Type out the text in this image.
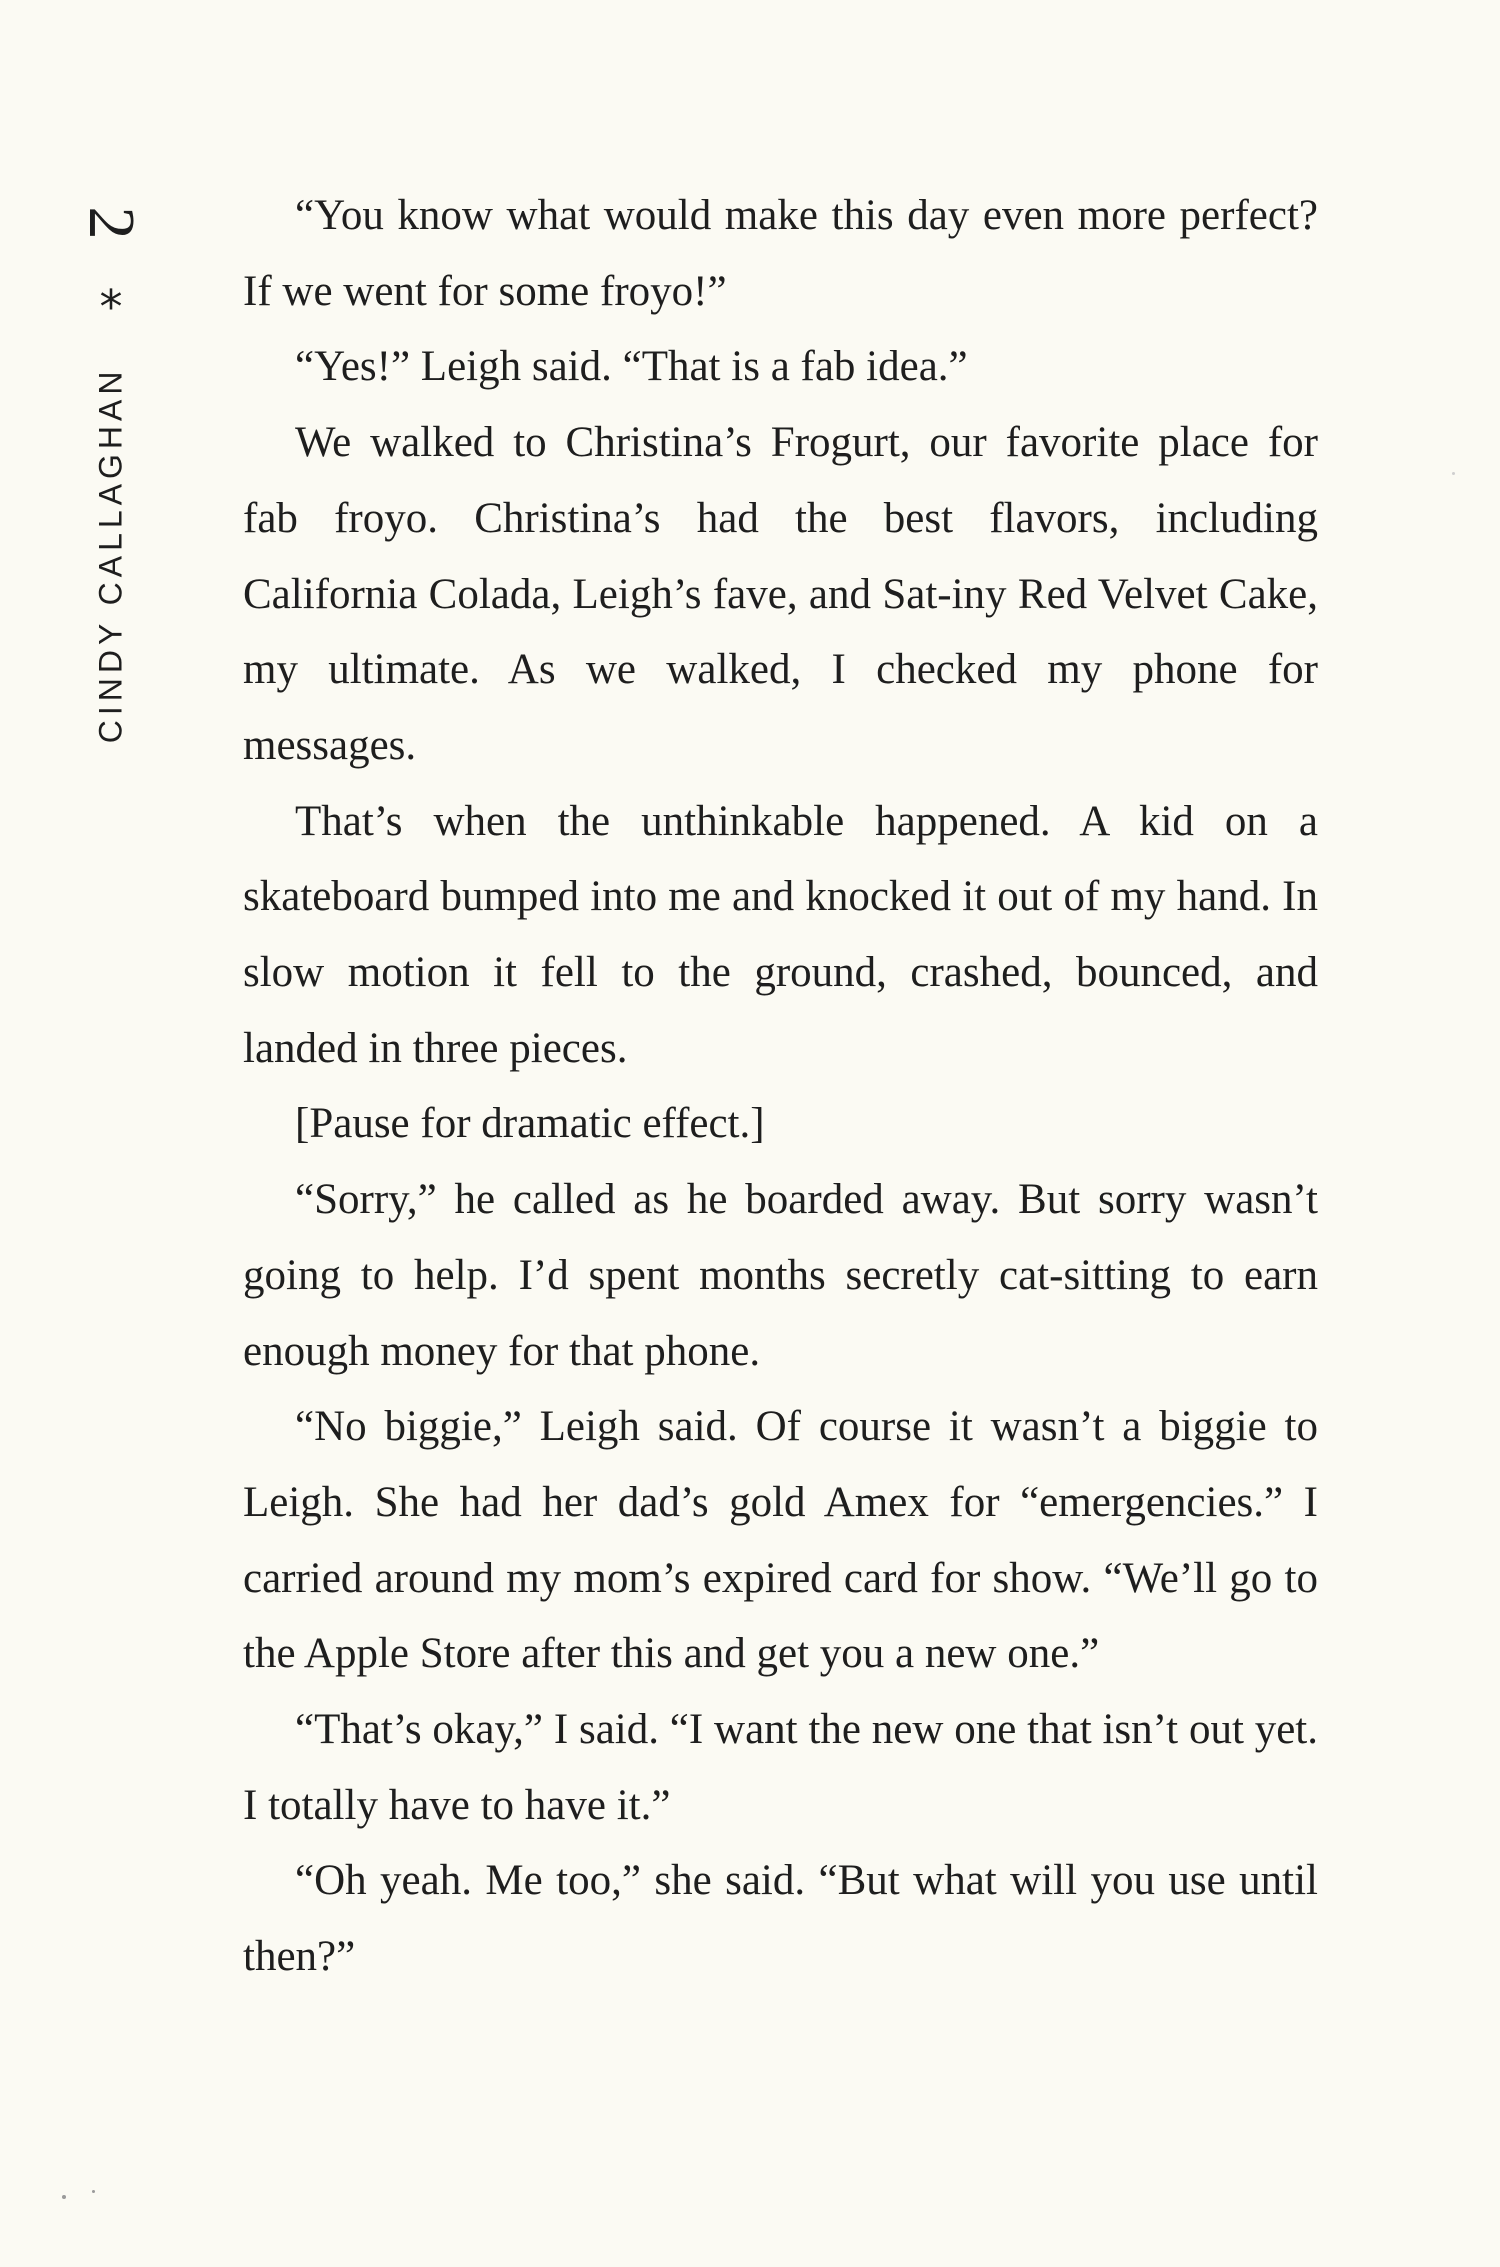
2
*
CINDY CALLAGHAN

“You know what would make this day even more perfect? If we went for some froyo!”

“Yes!” Leigh said. “That is a fab idea.”

We walked to Christina’s Frogurt, our favorite place for fab froyo. Christina’s had the best flavors, including California Colada, Leigh’s fave, and Sat-iny Red Velvet Cake, my ultimate. As we walked, I checked my phone for messages.

That’s when the unthinkable happened. A kid on a skateboard bumped into me and knocked it out of my hand. In slow motion it fell to the ground, crashed, bounced, and landed in three pieces.

[Pause for dramatic effect.]

“Sorry,” he called as he boarded away. But sorry wasn’t going to help. I’d spent months secretly cat-sitting to earn enough money for that phone.

“No biggie,” Leigh said. Of course it wasn’t a biggie to Leigh. She had her dad’s gold Amex for “emergencies.” I carried around my mom’s expired card for show. “We’ll go to the Apple Store after this and get you a new one.”

“That’s okay,” I said. “I want the new one that isn’t out yet. I totally have to have it.”

“Oh yeah. Me too,” she said. “But what will you use until then?”
